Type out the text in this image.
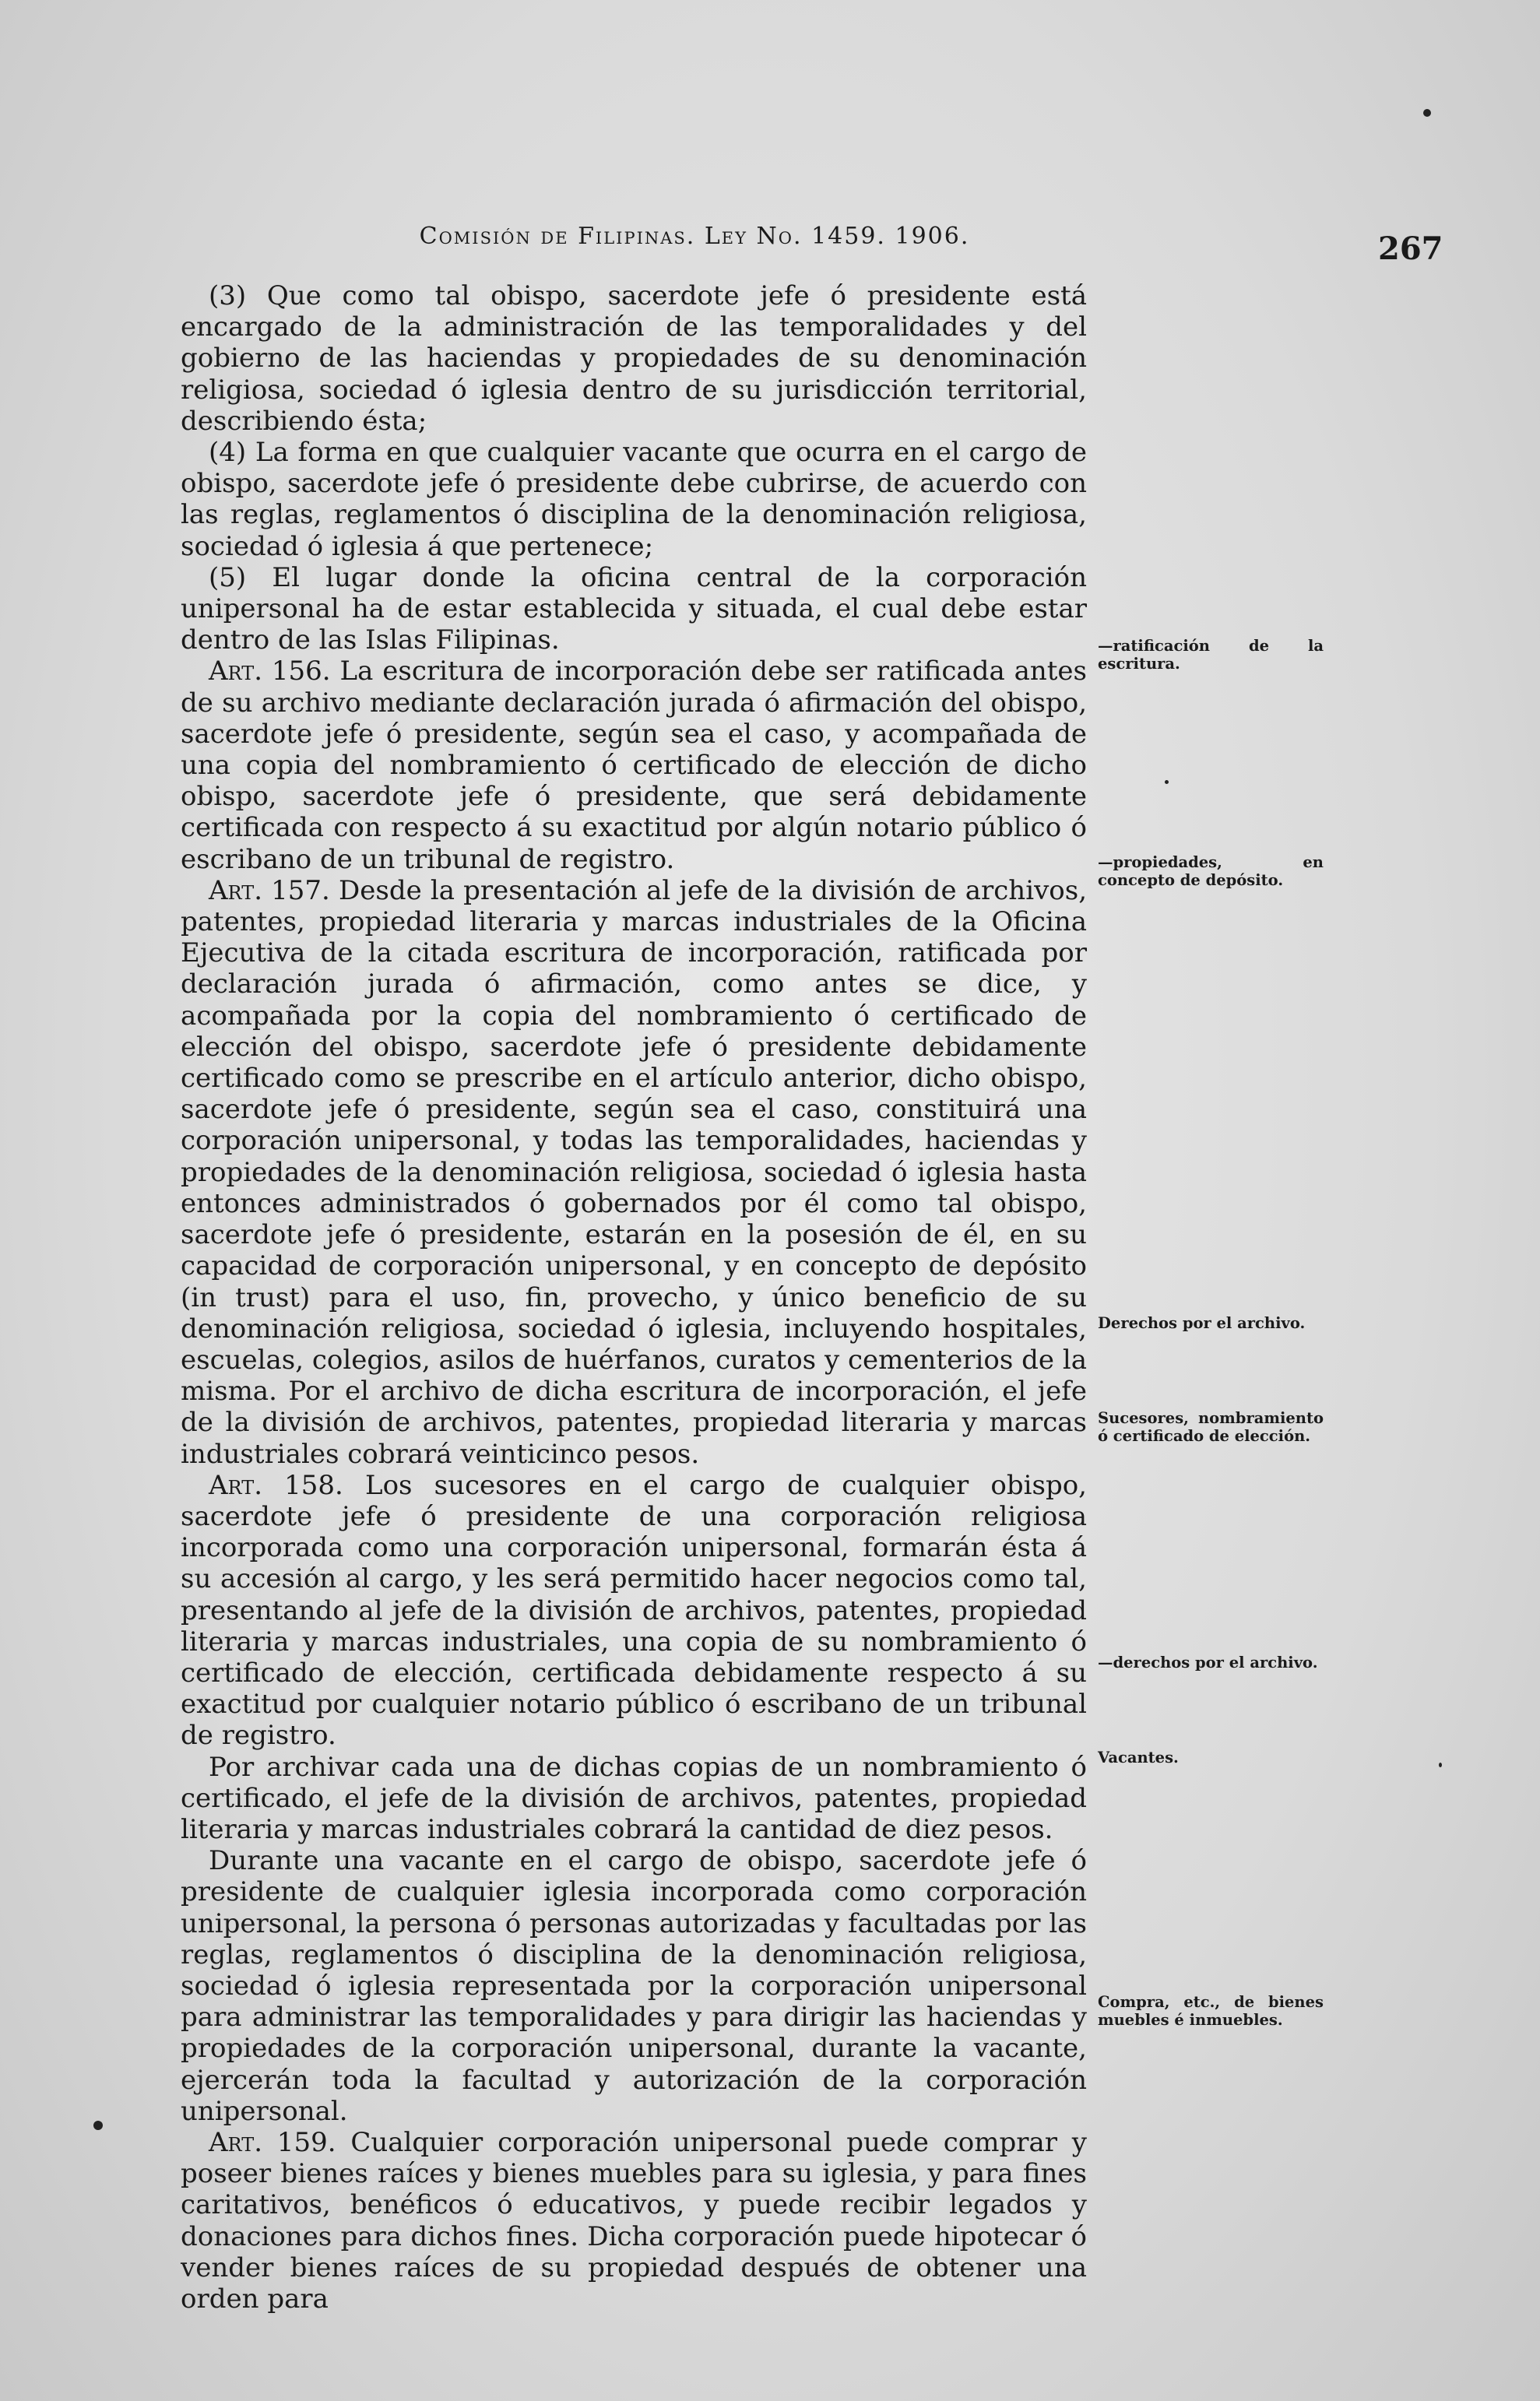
Comisión de Filipinas. Ley No. 1459. 1906.	267

(3) Que como tal obispo, sacerdote jefe ó presidente está encargado de la administración de las temporalidades y del gobierno de las haciendas y propiedades de su denominación religiosa, sociedad ó iglesia dentro de su jurisdicción territorial, describiendo ésta;

(4) La forma en que cualquier vacante que ocurra en el cargo de obispo, sacerdote jefe ó presidente debe cubrirse, de acuerdo con las reglas, reglamentos ó disciplina de la denominación religiosa, sociedad ó iglesia á que pertenece;

(5) El lugar donde la oficina central de la corporación unipersonal ha de estar establecida y situada, el cual debe estar dentro de las Islas Filipinas.

Art. 156. La escritura de incorporación debe ser ratificada antes de su archivo mediante declaración jurada ó afirmación del obispo, sacerdote jefe ó presidente, según sea el caso, y acompañada de una copia del nombramiento ó certificado de elección de dicho obispo, sacerdote jefe ó presidente, que será debidamente certificada con respecto á su exactitud por algún notario público ó escribano de un tribunal de registro.

Art. 157. Desde la presentación al jefe de la división de archivos, patentes, propiedad literaria y marcas industriales de la Oficina Ejecutiva de la citada escritura de incorporación, ratificada por declaración jurada ó afirmación, como antes se dice, y acompañada por la copia del nombramiento ó certificado de elección del obispo, sacerdote jefe ó presidente debidamente certificado como se prescribe en el artículo anterior, dicho obispo, sacerdote jefe ó presidente, según sea el caso, constituirá una corporación unipersonal, y todas las temporalidades, haciendas y propiedades de la denominación religiosa, sociedad ó iglesia hasta entonces administrados ó gobernados por él como tal obispo, sacerdote jefe ó presidente, estarán en la posesión de él, en su capacidad de corporación unipersonal, y en concepto de depósito (in trust) para el uso, fin, provecho, y único beneficio de su denominación religiosa, sociedad ó iglesia, incluyendo hospitales, escuelas, colegios, asilos de huérfanos, curatos y cementerios de la misma. Por el archivo de dicha escritura de incorporación, el jefe de la división de archivos, patentes, propiedad literaria y marcas industriales cobrará veinticinco pesos.

Art. 158. Los sucesores en el cargo de cualquier obispo, sacerdote jefe ó presidente de una corporación religiosa incorporada como una corporación unipersonal, formarán ésta á su accesión al cargo, y les será permitido hacer negocios como tal, presentando al jefe de la división de archivos, patentes, propiedad literaria y marcas industriales, una copia de su nombramiento ó certificado de elección, certificada debidamente respecto á su exactitud por cualquier notario público ó escribano de un tribunal de registro.

Por archivar cada una de dichas copias de un nombramiento ó certificado, el jefe de la división de archivos, patentes, propiedad literaria y marcas industriales cobrará la cantidad de diez pesos.

Durante una vacante en el cargo de obispo, sacerdote jefe ó presidente de cualquier iglesia incorporada como corporación unipersonal, la persona ó personas autorizadas y facultadas por las reglas, reglamentos ó disciplina de la denominación religiosa, sociedad ó iglesia representada por la corporación unipersonal para administrar las temporalidades y para dirigir las haciendas y propiedades de la corporación unipersonal, durante la vacante, ejercerán toda la facultad y autorización de la corporación unipersonal.

Art. 159. Cualquier corporación unipersonal puede comprar y poseer bienes raíces y bienes muebles para su iglesia, y para fines caritativos, benéficos ó educativos, y puede recibir legados y donaciones para dichos fines. Dicha corporación puede hipotecar ó vender bienes raíces de su propiedad después de obtener una orden para

—ratificación de la escritura.
—propiedades, en concepto de depósito.
Derechos por el archivo.
Sucesores, nombramiento ó certificado de elección.
—derechos por el archivo.
Vacantes.
Compra, etc., de bienes muebles é inmuebles.
